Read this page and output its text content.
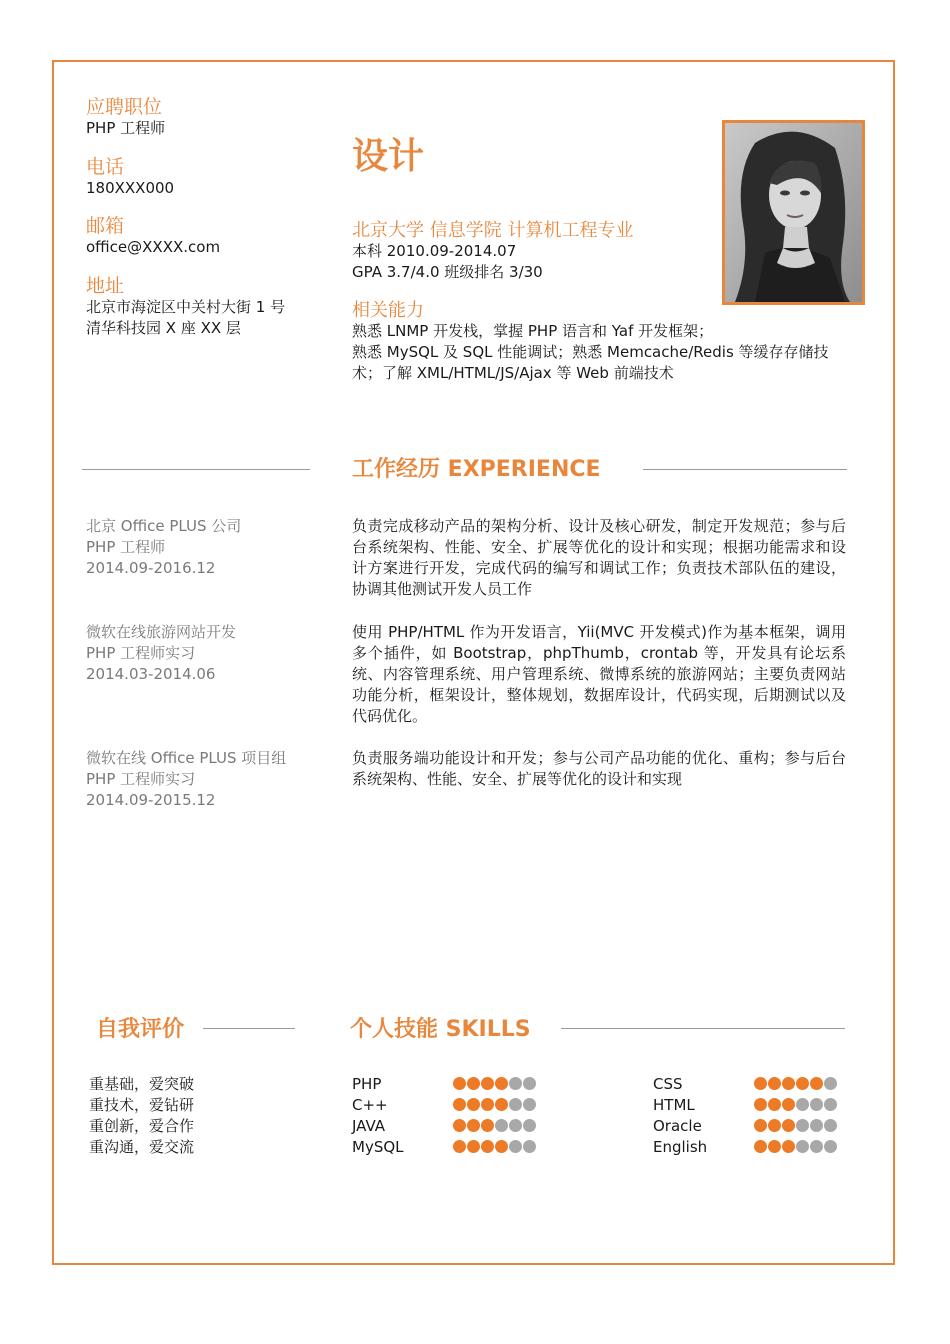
应聘职位
PHP 工程师
电话
180XXX000
邮箱
office@XXXX.com
地址
北京市海淀区中关村大街 1 号
清华科技园 X 座 XX 层
设计
北京大学 信息学院 计算机工程专业
本科 2010.09-2014.07
GPA 3.7/4.0 班级排名 3/30
相关能力
熟悉 LNMP 开发栈，掌握 PHP 语言和 Yaf 开发框架；
熟悉 MySQL 及 SQL 性能调试；熟悉 Memcache/Redis 等缓存存储技
术；了解 XML/HTML/JS/Ajax 等 Web 前端技术
工作经历 EXPERIENCE
北京 Office PLUS 公司
PHP 工程师
2014.09-2016.12
负责完成移动产品的架构分析、设计及核心研发，制定开发规范；参与后台系统架构、性能、安全、扩展等优化的设计和实现；根据功能需求和设计方案进行开发，完成代码的编写和调试工作；负责技术部队伍的建设，协调其他测试开发人员工作
微软在线旅游网站开发
PHP 工程师实习
2014.03-2014.06
使用 PHP/HTML 作为开发语言，Yii(MVC 开发模式)作为基本框架，调用多个插件，如 Bootstrap，phpThumb，crontab 等，开发具有论坛系统、内容管理系统、用户管理系统、微博系统的旅游网站；主要负责网站功能分析，框架设计，整体规划，数据库设计，代码实现，后期测试以及代码优化。
微软在线 Office PLUS 项目组
PHP 工程师实习
2014.09-2015.12
负责服务端功能设计和开发；参与公司产品功能的优化、重构；参与后台系统架构、性能、安全、扩展等优化的设计和实现
自我评价
重基础，爱突破
重技术，爱钻研
重创新，爱合作
重沟通，爱交流
个人技能 SKILLS
PHP
C++
JAVA
MySQL
CSS
HTML
Oracle
English
